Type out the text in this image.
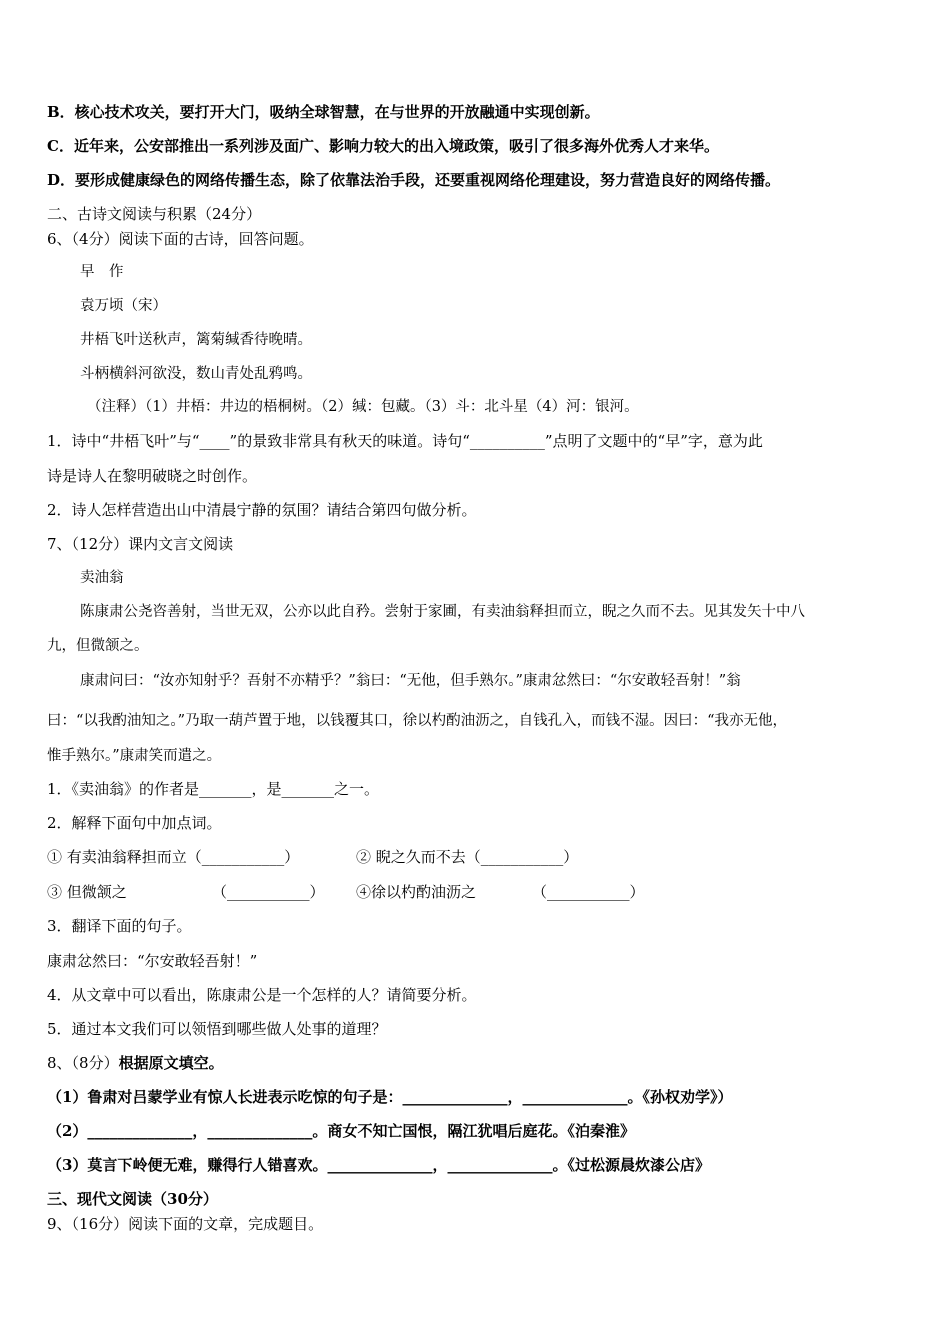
B．核心技术攻关，要打开大门，吸纳全球智慧，在与世界的开放融通中实现创新。
C．近年来，公安部推出一系列涉及面广、影响力较大的出入境政策，吸引了很多海外优秀人才来华。
D．要形成健康绿色的网络传播生态，除了依靠法治手段，还要重视网络伦理建设，努力营造良好的网络传播。
二、古诗文阅读与积累（24分）
6、（4分）阅读下面的古诗，回答问题。
早　作
袁万顷（宋）
井梧飞叶送秋声，篱菊缄香待晚晴。
斗柄横斜河欲没，数山青处乱鸦鸣。
（注释）（1）井梧：井边的梧桐树。（2）缄：包藏。（3）斗：北斗星（4）河：银河。
1．诗中“井梧飞叶”与“____”的景致非常具有秋天的味道。诗句“__________”点明了文题中的“早”字，意为此
诗是诗人在黎明破晓之时创作。
2．诗人怎样营造出山中清晨宁静的氛围？请结合第四句做分析。
7、（12分）课内文言文阅读
卖油翁
陈康肃公尧咨善射，当世无双，公亦以此自矜。尝射于家圃，有卖油翁释担而立，睨之久而不去。见其发矢十中八
九，但微颔之。
康肃问曰：“汝亦知射乎？吾射不亦精乎？”翁曰：“无他，但手熟尔。”康肃忿然曰：“尔安敢轻吾射！”翁
曰：“以我酌油知之。”乃取一葫芦置于地，以钱覆其口，徐以杓酌油沥之，自钱孔入，而钱不湿。因曰：“我亦无他，
惟手熟尔。”康肃笑而遣之。
1．《卖油翁》的作者是_______，是_______之一。
2．解释下面句中加点词。
① 有卖油翁释担而立（___________）	② 睨之久而不去（___________）
③ 但微颔之	（___________） ④徐以杓酌油沥之	（___________）
3．翻译下面的句子。
康肃忿然曰：“尔安敢轻吾射！”
4．从文章中可以看出，陈康肃公是一个怎样的人？请简要分析。
5．通过本文我们可以领悟到哪些做人处事的道理？
8、（8分）根据原文填空。
（1）鲁肃对吕蒙学业有惊人长进表示吃惊的句子是：______________，______________。《孙权劝学》）
（2）______________，______________。商女不知亡国恨，隔江犹唱后庭花。《泊秦淮》
（3）莫言下岭便无难，赚得行人错喜欢。______________，______________。《过松源晨炊漆公店》
三、现代文阅读（30分）
9、（16分）阅读下面的文章，完成题目。
